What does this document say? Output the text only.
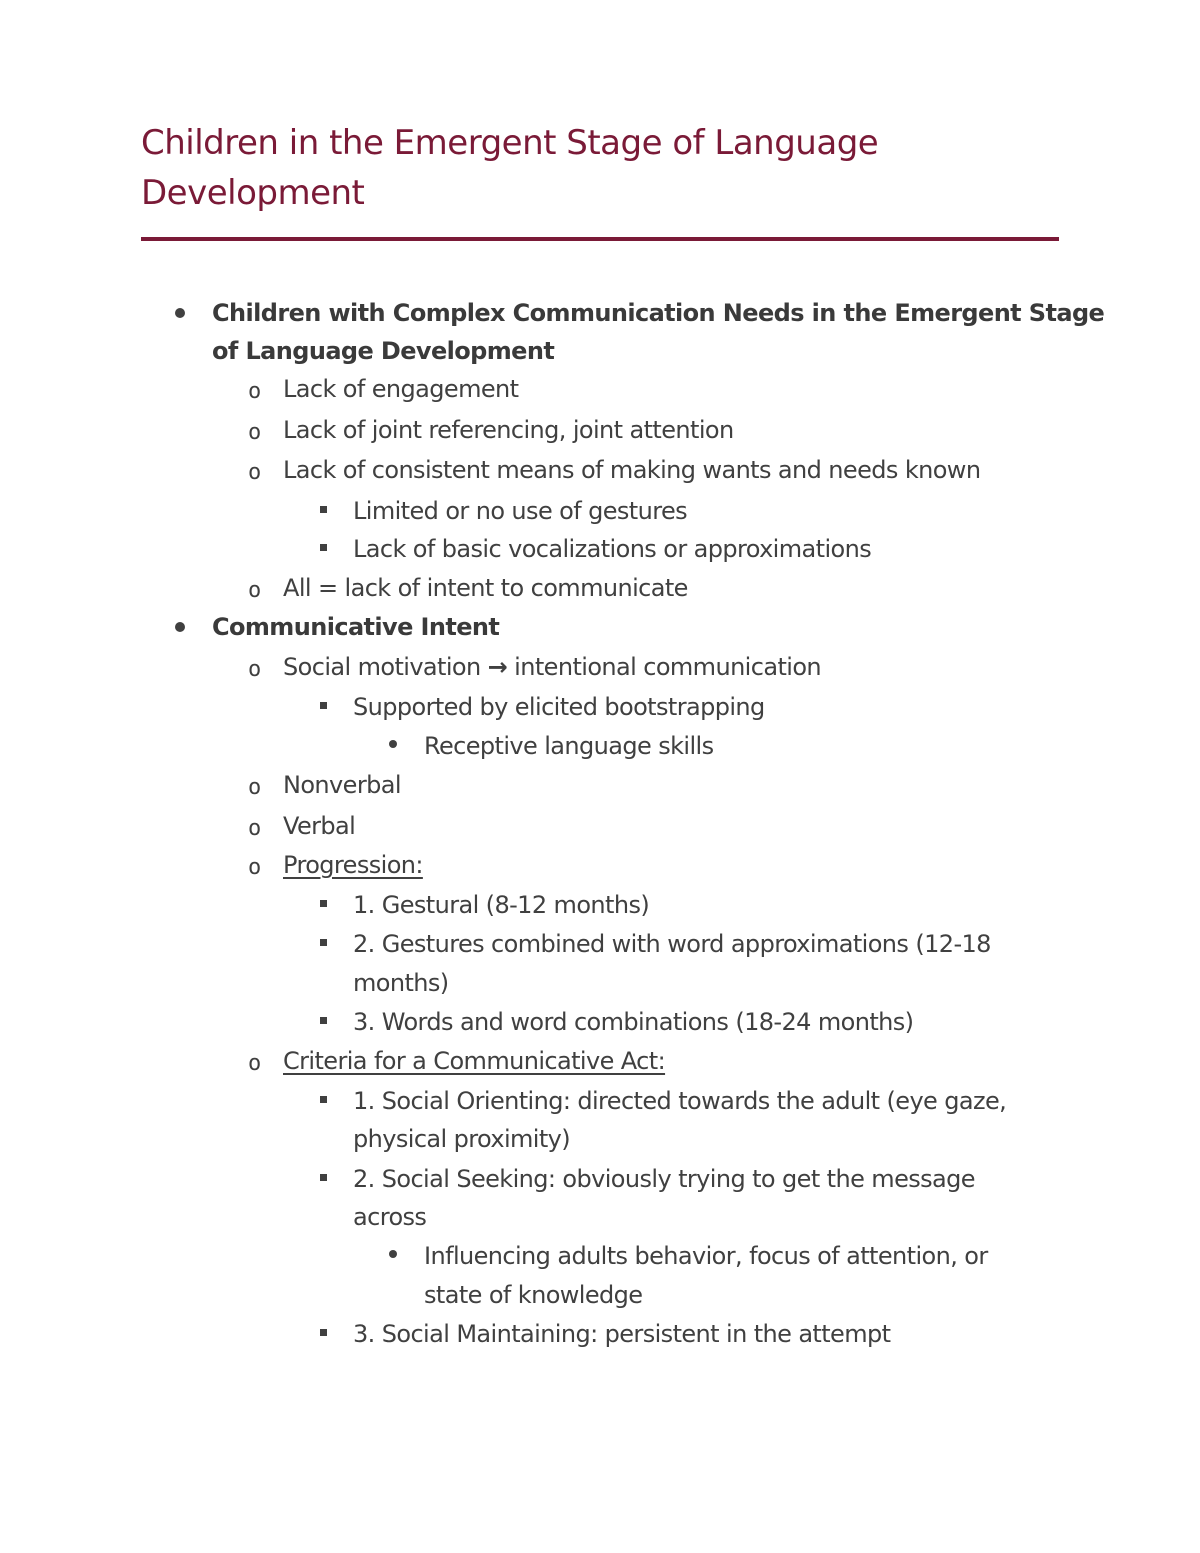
Children in the Emergent Stage of Language
Development
Children with Complex Communication Needs in the Emergent Stage
of Language Development
o Lack of engagement
o Lack of joint referencing, joint attention
o Lack of consistent means of making wants and needs known
Limited or no use of gestures
Lack of basic vocalizations or approximations
o All = lack of intent to communicate
Communicative Intent
o Social motivation → intentional communication
Supported by elicited bootstrapping
Receptive language skills
o Nonverbal
o Verbal
o Progression:
1. Gestural (8-12 months)
2. Gestures combined with word approximations (12-18
months)
3. Words and word combinations (18-24 months)
o Criteria for a Communicative Act:
1. Social Orienting: directed towards the adult (eye gaze,
physical proximity)
2. Social Seeking: obviously trying to get the message
across
Influencing adults behavior, focus of attention, or
state of knowledge
3. Social Maintaining: persistent in the attempt
